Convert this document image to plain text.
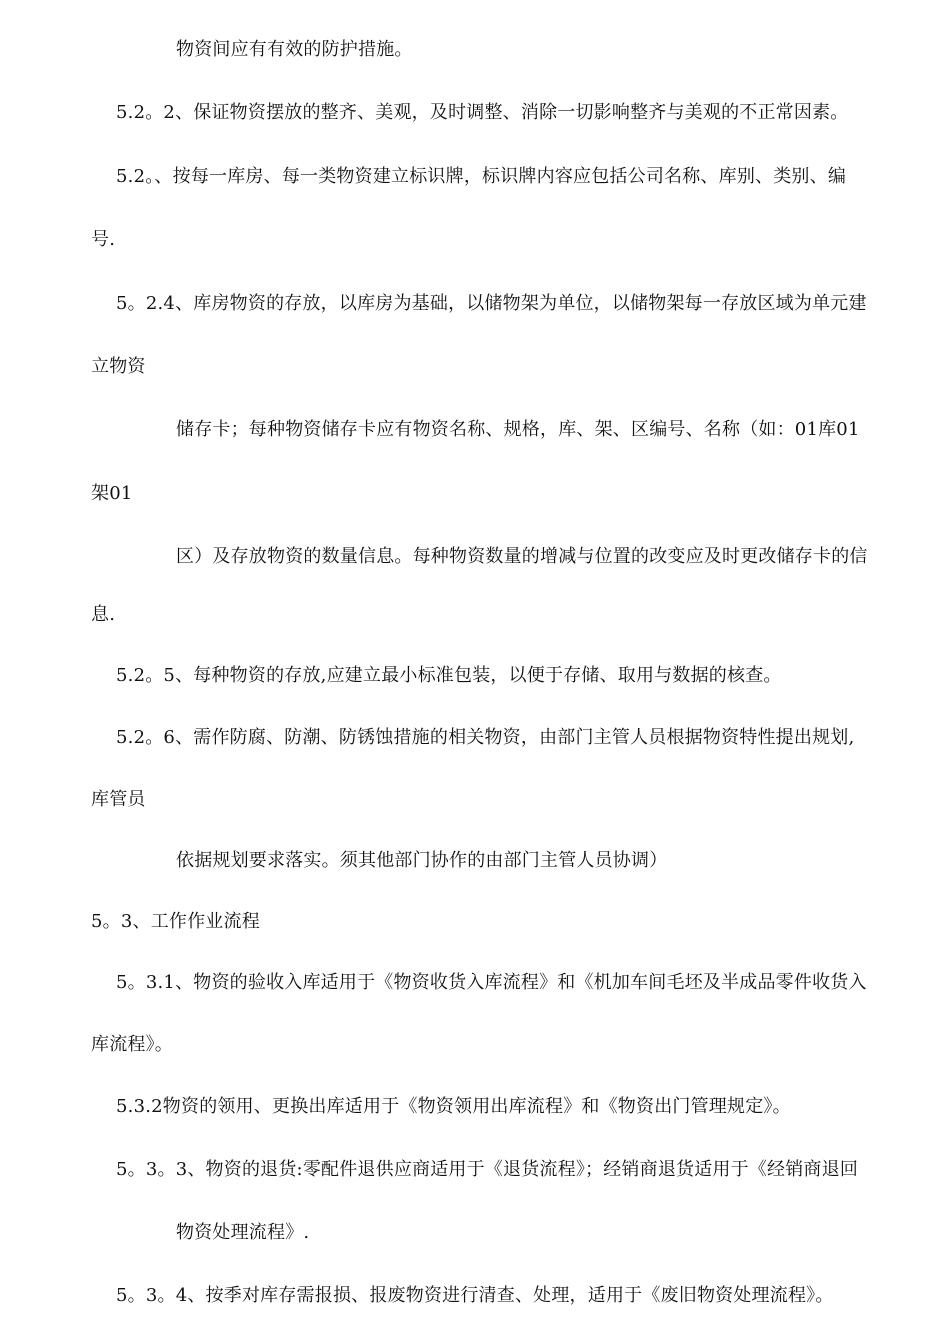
物资间应有有效的防护措施。
5.2。2、保证物资摆放的整齐、美观，及时调整、消除一切影响整齐与美观的不正常因素。
5.2。、按每一库房、每一类物资建立标识牌，标识牌内容应包括公司名称、库别、类别、编
号.
5。2.4、库房物资的存放，以库房为基础，以储物架为单位，以储物架每一存放区域为单元建
立物资
储存卡；每种物资储存卡应有物资名称、规格，库、架、区编号、名称（如：01库01
架01
区）及存放物资的数量信息。每种物资数量的增减与位置的改变应及时更改储存卡的信
息.
5.2。5、每种物资的存放,应建立最小标准包装，以便于存储、取用与数据的核查。
5.2。6、需作防腐、防潮、防锈蚀措施的相关物资，由部门主管人员根据物资特性提出规划,
库管员
依据规划要求落实。须其他部门协作的由部门主管人员协调）
5。3、工作作业流程
5。3.1、物资的验收入库适用于《物资收货入库流程》和《机加车间毛坯及半成品零件收货入
库流程》。
5.3.2物资的领用、更换出库适用于《物资领用出库流程》和《物资出门管理规定》。
5。3。3、物资的退货:零配件退供应商适用于《退货流程》；经销商退货适用于《经销商退回
物资处理流程》.
5。3。4、按季对库存需报损、报废物资进行清查、处理，适用于《废旧物资处理流程》。
